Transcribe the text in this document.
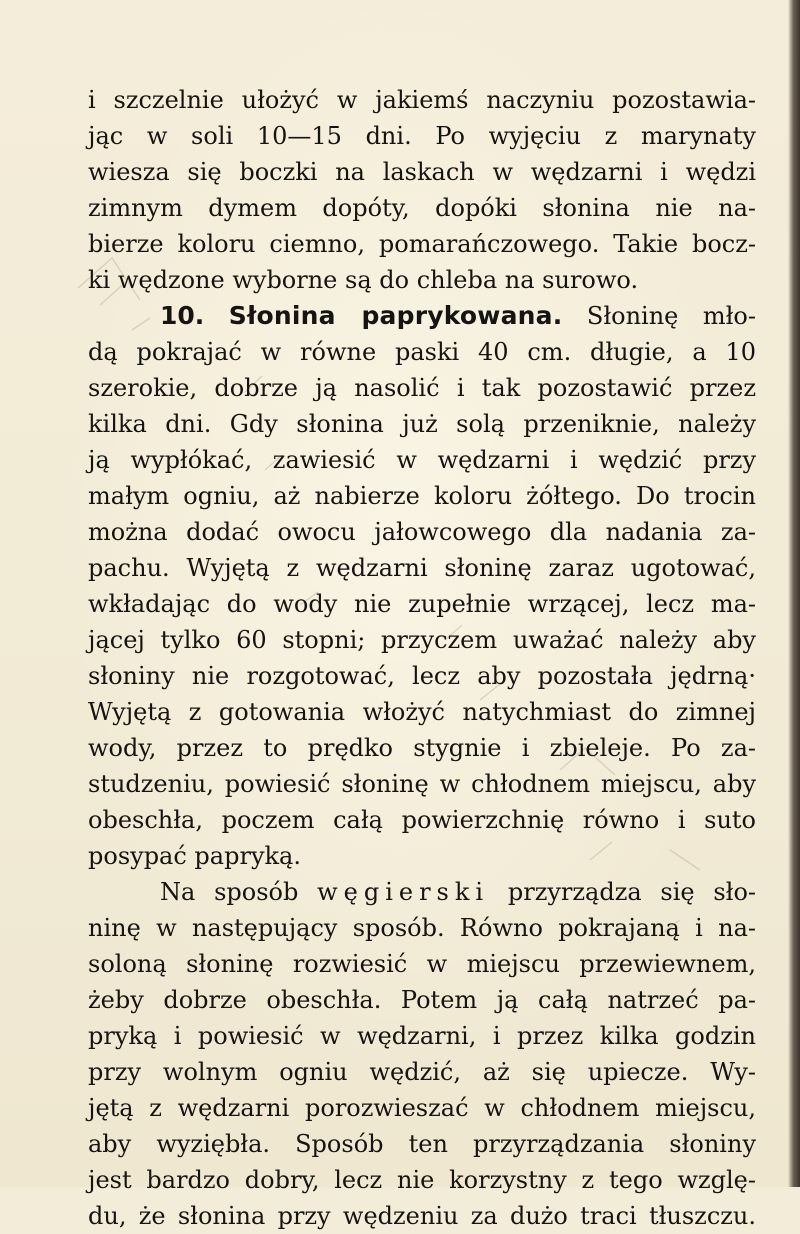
i szczelnie ułożyć w jakiemś naczyniu pozostawia-
jąc w soli 10—15 dni. Po wyjęciu z marynaty
wiesza się boczki na laskach w wędzarni i wędzi
zimnym dymem dopóty, dopóki słonina nie na-
bierze koloru ciemno, pomarańczowego. Takie bocz-
ki wędzone wyborne są do chleba na surowo.
10. Słonina paprykowana. Słoninę mło-
dą pokrajać w równe paski 40 cm. długie, a 10
szerokie, dobrze ją nasolić i tak pozostawić przez
kilka dni. Gdy słonina już solą przeniknie, należy
ją wypłókać, zawiesić w wędzarni i wędzić przy
małym ogniu, aż nabierze koloru żółtego. Do trocin
można dodać owocu jałowcowego dla nadania za-
pachu. Wyjętą z wędzarni słoninę zaraz ugotować,
wkładając do wody nie zupełnie wrzącej, lecz ma-
jącej tylko 60 stopni; przyczem uważać należy aby
słoniny nie rozgotować, lecz aby pozostała jędrną·
Wyjętą z gotowania włożyć natychmiast do zimnej
wody, przez to prędko stygnie i zbieleje. Po za-
studzeniu, powiesić słoninę w chłodnem miejscu, aby
obeschła, poczem całą powierzchnię równo i suto
posypać papryką.
Na sposób węgierski przyrządza się sło-
ninę w następujący sposób. Równo pokrajaną i na-
soloną słoninę rozwiesić w miejscu przewiewnem,
żeby dobrze obeschła. Potem ją całą natrzeć pa-
pryką i powiesić w wędzarni, i przez kilka godzin
przy wolnym ogniu wędzić, aż się upiecze. Wy-
jętą z wędzarni porozwieszać w chłodnem miejscu,
aby wyziębła. Sposób ten przyrządzania słoniny
jest bardzo dobry, lecz nie korzystny z tego wzglę-
du, że słonina przy wędzeniu za dużo traci tłuszczu.
